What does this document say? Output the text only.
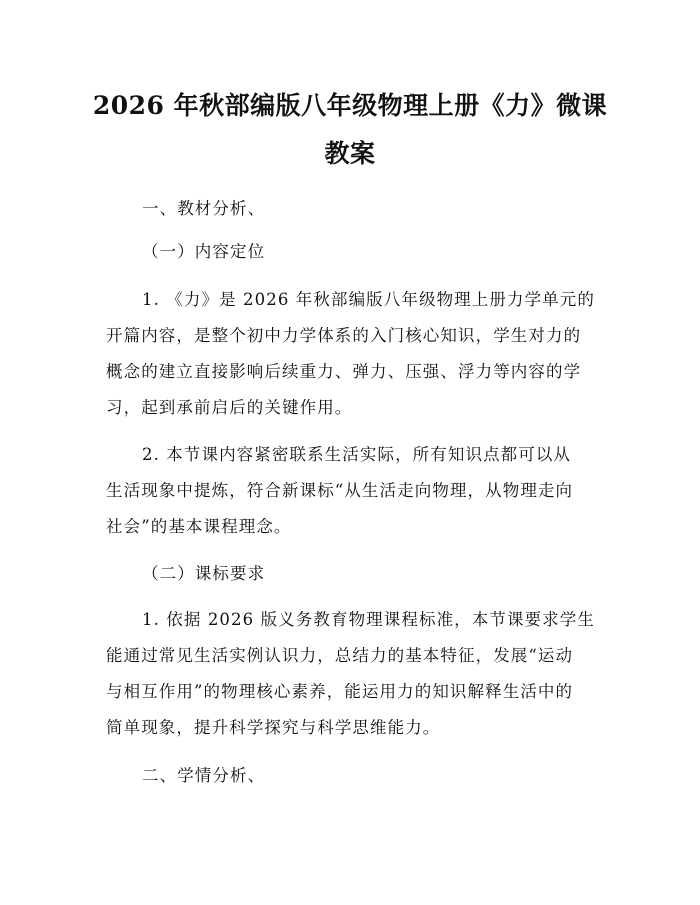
2026 年秋部编版八年级物理上册《力》微课
教案
一、教材分析、
（一）内容定位
1. 《力》是 2026 年秋部编版八年级物理上册力学单元的
开篇内容，是整个初中力学体系的入门核心知识，学生对力的
概念的建立直接影响后续重力、弹力、压强、浮力等内容的学
习，起到承前启后的关键作用。
2. 本节课内容紧密联系生活实际，所有知识点都可以从
生活现象中提炼，符合新课标“从生活走向物理，从物理走向
社会”的基本课程理念。
（二）课标要求
1. 依据 2026 版义务教育物理课程标准，本节课要求学生
能通过常见生活实例认识力，总结力的基本特征，发展“运动
与相互作用”的物理核心素养，能运用力的知识解释生活中的
简单现象，提升科学探究与科学思维能力。
二、学情分析、
